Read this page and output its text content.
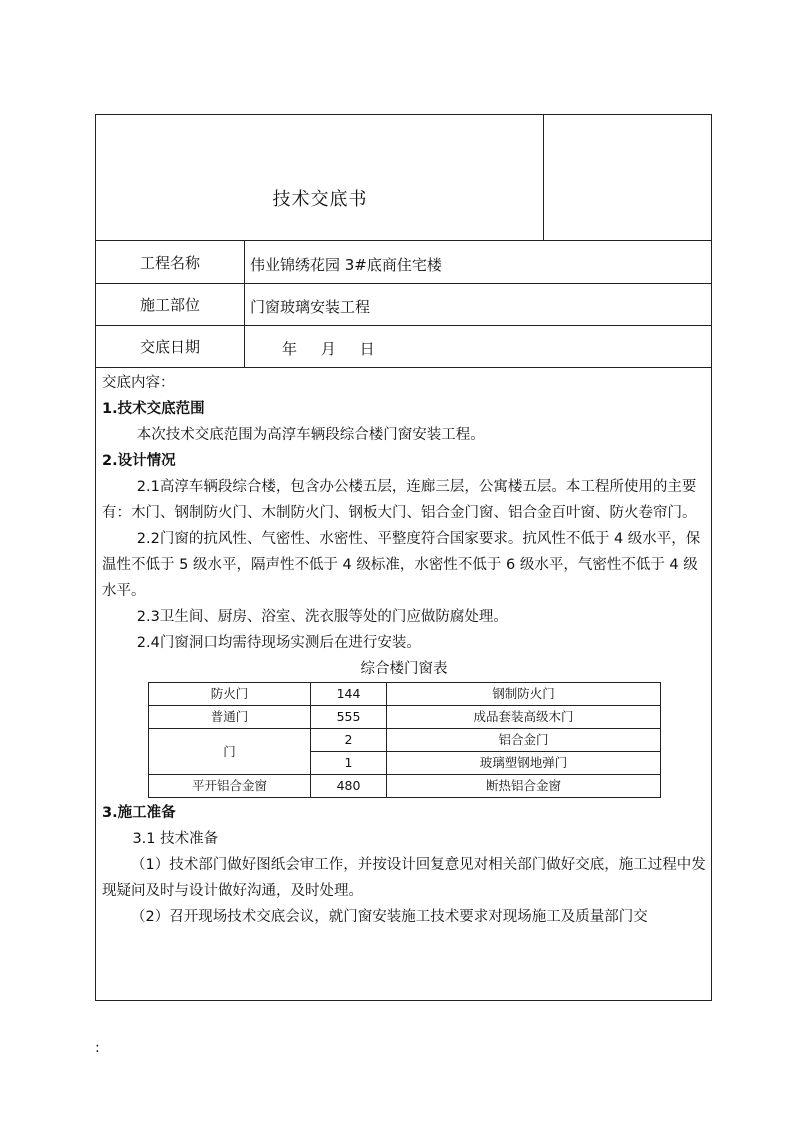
技术交底书
工程名称	伟业锦绣花园 3#底商住宅楼
施工部位	门窗玻璃安装工程
交底日期	年     月     日

交底内容：

1.技术交底范围

本次技术交底范围为高淳车辆段综合楼门窗安装工程。

2.设计情况

2.1高淳车辆段综合楼，包含办公楼五层，连廊三层，公寓楼五层。本工程所使用的主要有：木门、钢制防火门、木制防火门、钢板大门、铝合金门窗、铝合金百叶窗、防火卷帘门。

2.2门窗的抗风性、气密性、水密性、平整度符合国家要求。抗风性不低于 4 级水平，保温性不低于 5 级水平，隔声性不低于 4 级标准，水密性不低于 6 级水平，气密性不低于 4 级水平。

2.3卫生间、厨房、浴室、洗衣服等处的门应做防腐处理。

2.4门窗洞口均需待现场实测后在进行安装。

综合楼门窗表

防火门	144	钢制防火门
普通门	555	成品套装高级木门
门	2	铝合金门
	1	玻璃塑钢地弹门
平开铝合金窗	480	断热铝合金窗

3.施工准备

3.1 技术准备

（1）技术部门做好图纸会审工作，并按设计回复意见对相关部门做好交底，施工过程中发现疑问及时与设计做好沟通，及时处理。

（2）召开现场技术交底会议，就门窗安装施工技术要求对现场施工及质量部门交

:
